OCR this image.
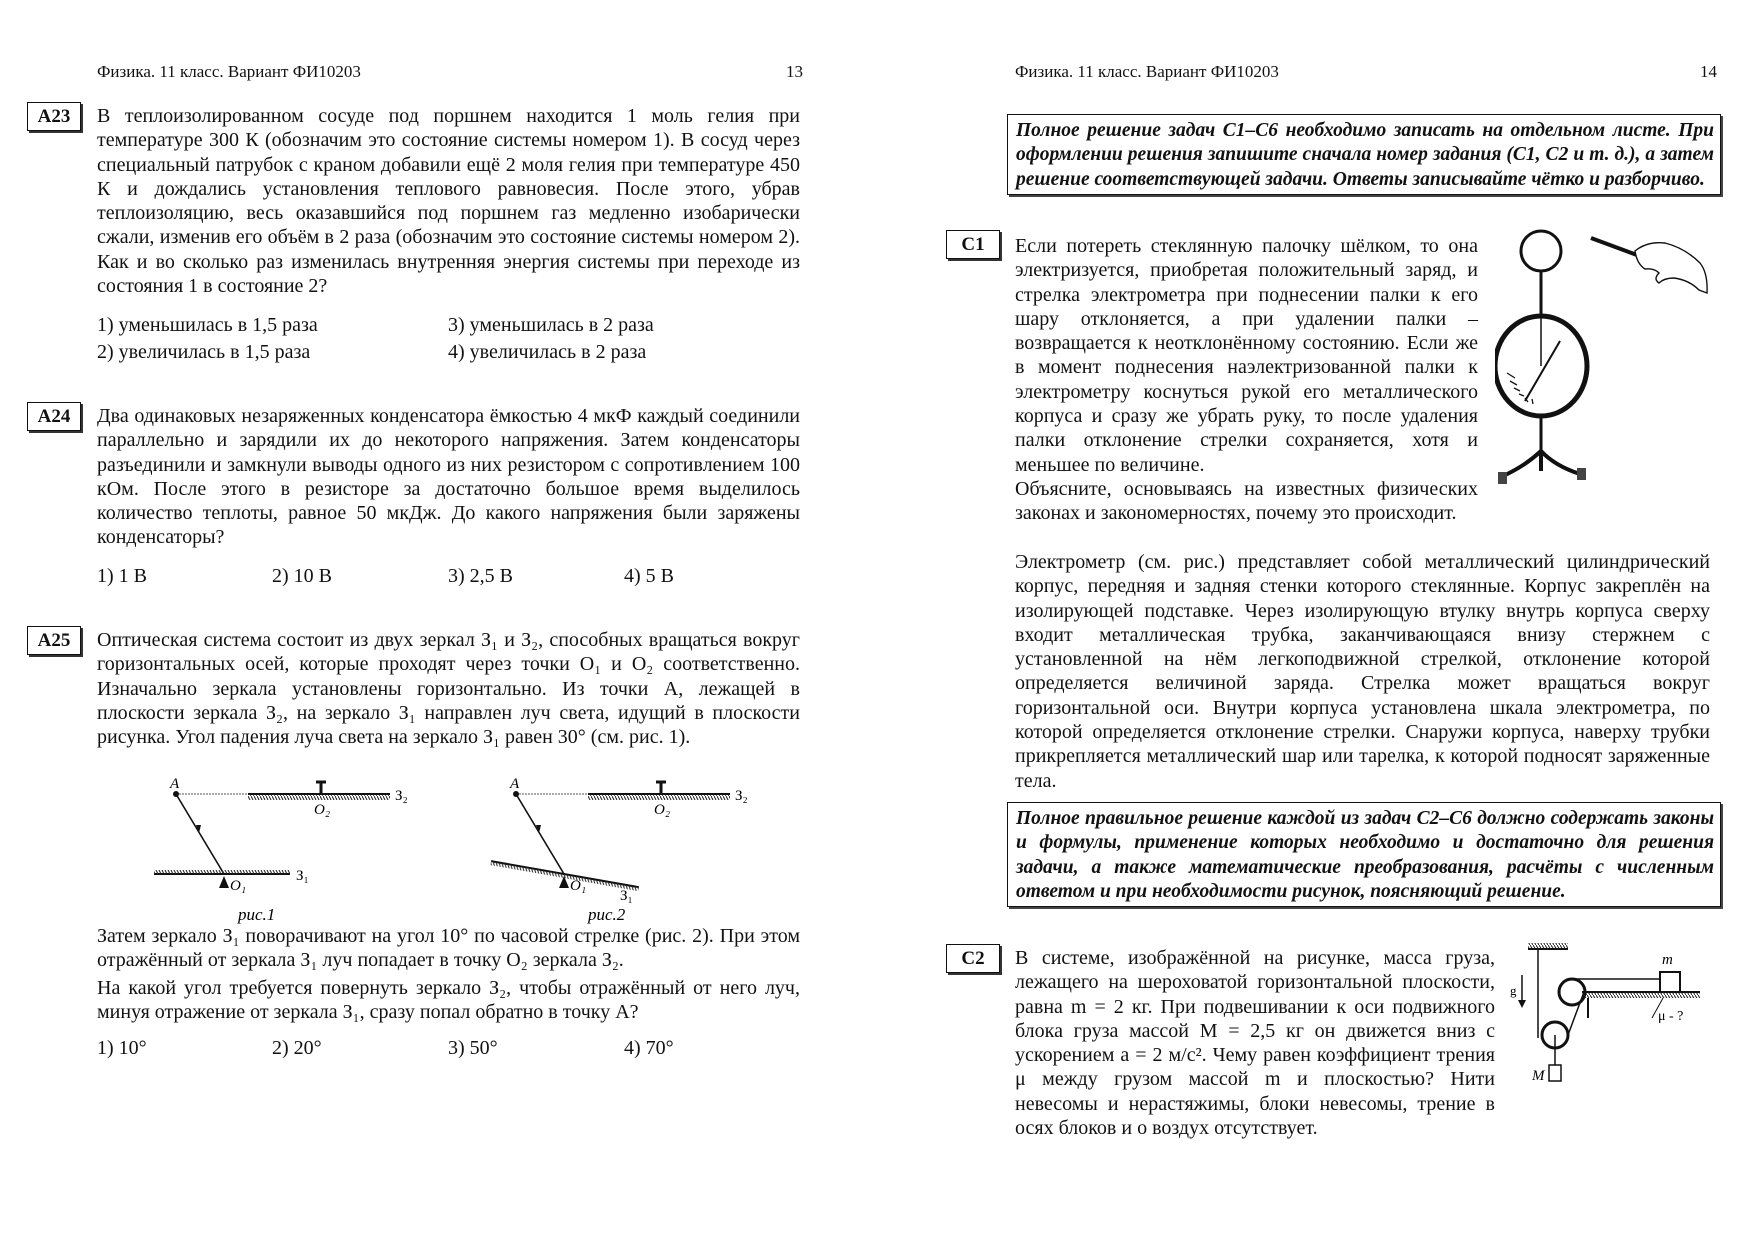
Физика. 11 класс. Вариант ФИ10203	13
A23	В теплоизолированном сосуде под поршнем находится 1 моль гелия при температуре 300 К (обозначим это состояние системы номером 1). В сосуд через специальный патрубок с краном добавили ещё 2 моля гелия при температуре 450 К и дождались установления теплового равновесия. После этого, убрав теплоизоляцию, весь оказавшийся под поршнем газ медленно изобарически сжали, изменив его объём в 2 раза (обозначим это состояние системы номером 2). Как и во сколько раз изменилась внутренняя энергия системы при переходе из состояния 1 в состояние 2?

1) уменьшилась в 1,5 раза
2) увеличилась в 1,5 раза
3) уменьшилась в 2 раза
4) увеличилась в 2 раза
A24	Два одинаковых незаряженных конденсатора ёмкостью 4 мкФ каждый соединили параллельно и зарядили их до некоторого напряжения. Затем конденсаторы разъединили и замкнули выводы одного из них резистором с сопротивлением 100 кОм. После этого в резисторе за достаточно большое время выделилось количество теплоты, равное 50 мкДж. До какого напряжения были заряжены конденсаторы?

1) 1 В	2) 10 В	3) 2,5 В	4) 5 В
A25	Оптическая система состоит из двух зеркал З₁ и З₂, способных вращаться вокруг горизонтальных осей, которые проходят через точки O₁ и O₂ соответственно. Изначально зеркала установлены горизонтально. Из точки A, лежащей в плоскости зеркала З₂, на зеркало З₁ направлен луч света, идущий в плоскости рисунка. Угол падения луча света на зеркало З₁ равен 30° (см. рис. 1).

A
O₂
З₂
O₁
З₁
рис.1
A
O₂
З₂
O₁
З₁
рис.2

Затем зеркало З₁ поворачивают на угол 10° по часовой стрелке (рис. 2). При этом отражённый от зеркала З₁ луч попадает в точку O₂ зеркала З₂.

На какой угол требуется повернуть зеркало З₂, чтобы отражённый от него луч, минуя отражение от зеркала З₁, сразу попал обратно в точку A?

1) 10°	2) 20°	3) 50°	4) 70°
Физика. 11 класс. Вариант ФИ10203	14
Полное решение задач С1–С6 необходимо записать на отдельном листе. При оформлении решения запишите сначала номер задания (С1, С2 и т. д.), а затем решение соответствующей задачи. Ответы записывайте чётко и разборчиво.
C1	Если потереть стеклянную палочку шёлком, то она электризуется, приобретая положительный заряд, и стрелка электрометра при поднесении палки к его шару отклоняется, а при удалении палки – возвращается к неотклонённому состоянию. Если же в момент поднесения наэлектризованной палки к электрометру коснуться рукой его металлического корпуса и сразу же убрать руку, то после удаления палки отклонение стрелки сохраняется, хотя и меньшее по величине.

Объясните, основываясь на известных физических законах и закономерностях, почему это происходит.

Электрометр (см. рис.) представляет собой металлический цилиндрический корпус, передняя и задняя стенки которого стеклянные. Корпус закреплён на изолирующей подставке. Через изолирующую втулку внутрь корпуса сверху входит металлическая трубка, заканчивающаяся внизу стержнем с установленной на нём легкоподвижной стрелкой, отклонение которой определяется величиной заряда. Стрелка может вращаться вокруг горизонтальной оси. Внутри корпуса установлена шкала электрометра, по которой определяется отклонение стрелки. Снаружи корпуса, наверху трубки прикрепляется металлический шар или тарелка, к которой подносят заряженные тела.

Полное правильное решение каждой из задач С2–С6 должно содержать законы и формулы, применение которых необходимо и достаточно для решения задачи, а также математические преобразования, расчёты с численным ответом и при необходимости рисунок, поясняющий решение.
C2	В системе, изображённой на рисунке, масса груза, лежащего на шероховатой горизонтальной плоскости, равна m = 2 кг. При подвешивании к оси подвижного блока груза массой M = 2,5 кг он движется вниз с ускорением a = 2 м/с². Чему равен коэффициент трения μ между грузом массой m и плоскостью? Нити невесомы и нерастяжимы, блоки невесомы, трение в осях блоков и о воздух отсутствует.

g
m
μ - ?
M
